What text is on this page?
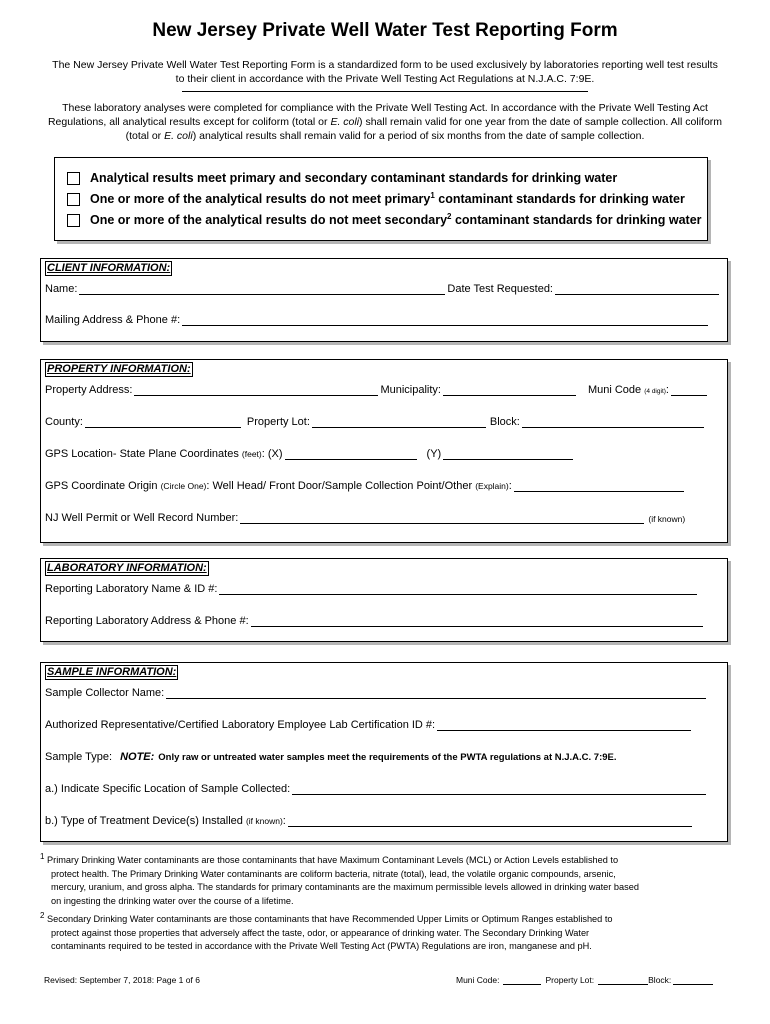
New Jersey Private Well Water Test Reporting Form
The New Jersey Private Well Water Test Reporting Form is a standardized form to be used exclusively by laboratories reporting well test results
to their client in accordance with the Private Well Testing Act Regulations at N.J.A.C. 7:9E.
These laboratory analyses were completed for compliance with the Private Well Testing Act. In accordance with the Private Well Testing Act
Regulations, all analytical results except for coliform (total or E. coli) shall remain valid for one year from the date of sample collection. All coliform
(total or E. coli) analytical results shall remain valid for a period of six months from the date of sample collection.
Analytical results meet primary and secondary contaminant standards for drinking water
One or more of the analytical results do not meet primary$^1$ contaminant standards for drinking water
One or more of the analytical results do not meet secondary$^2$ contaminant standards for drinking water
CLIENT INFORMATION:
Name:	Date Test Requested:
Mailing Address & Phone #:
PROPERTY INFORMATION:
Property Address:	Municipality:	Muni Code (4 digit):
County:	Property Lot:	Block:
GPS Location- State Plane Coordinates (feet): (X)	(Y)
GPS Coordinate Origin (Circle One): Well Head/ Front Door/Sample Collection Point/Other (Explain):
NJ Well Permit or Well Record Number:	(if known)
LABORATORY INFORMATION:
Reporting Laboratory Name & ID #:
Reporting Laboratory Address & Phone #:
SAMPLE INFORMATION:
Sample Collector Name:
Authorized Representative/Certified Laboratory Employee Lab Certification ID #:
Sample Type: NOTE: Only raw or untreated water samples meet the requirements of the PWTA regulations at N.J.A.C. 7:9E.
a.) Indicate Specific Location of Sample Collected:
b.) Type of Treatment Device(s) Installed (if known):
1 Primary Drinking Water contaminants are those contaminants that have Maximum Contaminant Levels (MCL) or Action Levels established to
protect health. The Primary Drinking Water contaminants are coliform bacteria, nitrate (total), lead, the volatile organic compounds, arsenic,
mercury, uranium, and gross alpha. The standards for primary contaminants are the maximum permissible levels allowed in drinking water based
on ingesting the drinking water over the course of a lifetime.
2 Secondary Drinking Water contaminants are those contaminants that have Recommended Upper Limits or Optimum Ranges established to
protect against those properties that adversely affect the taste, odor, or appearance of drinking water. The Secondary Drinking Water
contaminants required to be tested in accordance with the Private Well Testing Act (PWTA) Regulations are iron, manganese and pH.
Revised: September 7, 2018: Page 1 of 6	Muni Code:	Property Lot:	Block:
